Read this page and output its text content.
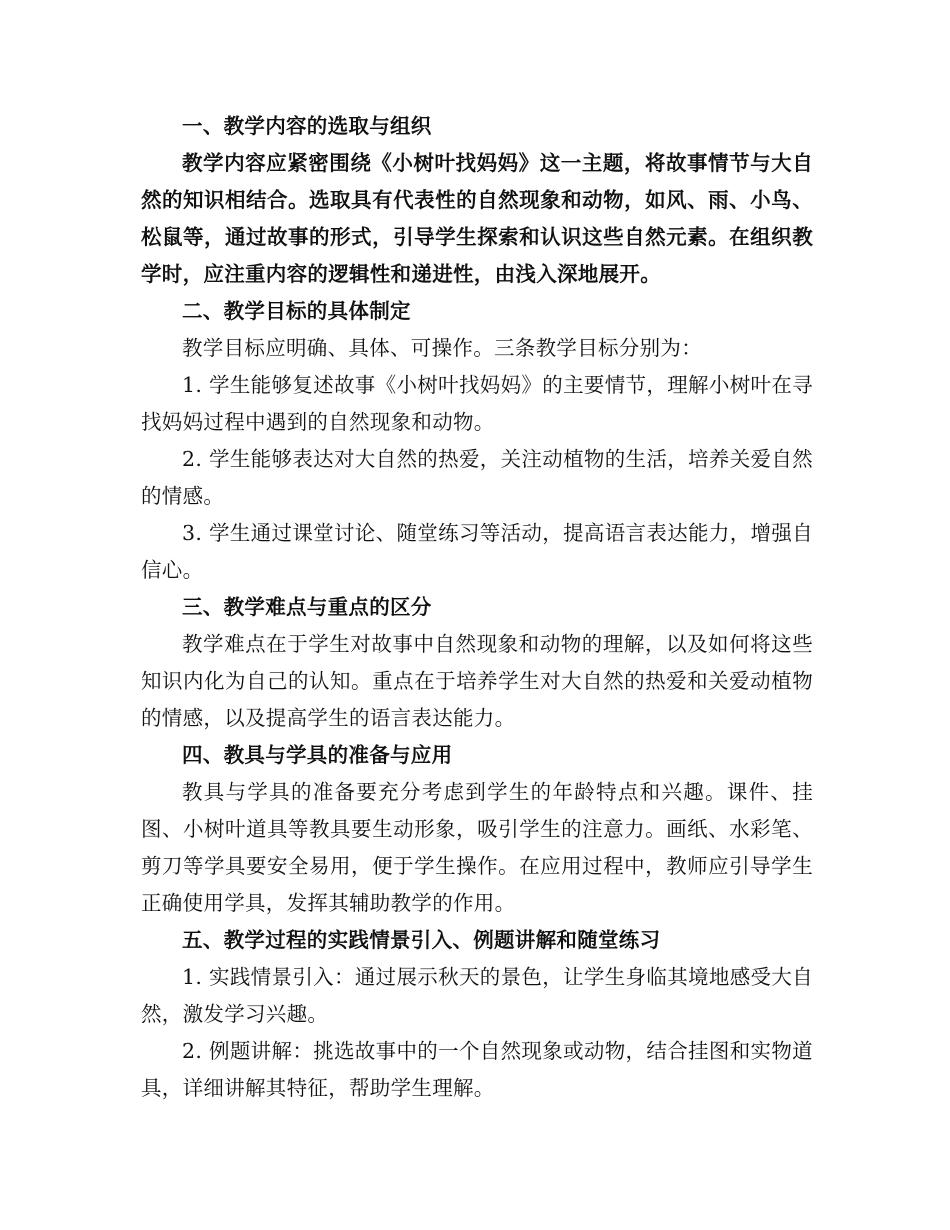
一、教学内容的选取与组织

教学内容应紧密围绕《小树叶找妈妈》这一主题，将故事情节与大自然的知识相结合。选取具有代表性的自然现象和动物，如风、雨、小鸟、松鼠等，通过故事的形式，引导学生探索和认识这些自然元素。在组织教学时，应注重内容的逻辑性和递进性，由浅入深地展开。

二、教学目标的具体制定

教学目标应明确、具体、可操作。三条教学目标分别为：

1. 学生能够复述故事《小树叶找妈妈》的主要情节，理解小树叶在寻找妈妈过程中遇到的自然现象和动物。

2. 学生能够表达对大自然的热爱，关注动植物的生活，培养关爱自然的情感。

3. 学生通过课堂讨论、随堂练习等活动，提高语言表达能力，增强自信心。

三、教学难点与重点的区分

教学难点在于学生对故事中自然现象和动物的理解，以及如何将这些知识内化为自己的认知。重点在于培养学生对大自然的热爱和关爱动植物的情感，以及提高学生的语言表达能力。

四、教具与学具的准备与应用

教具与学具的准备要充分考虑到学生的年龄特点和兴趣。课件、挂图、小树叶道具等教具要生动形象，吸引学生的注意力。画纸、水彩笔、剪刀等学具要安全易用，便于学生操作。在应用过程中，教师应引导学生正确使用学具，发挥其辅助教学的作用。

五、教学过程的实践情景引入、例题讲解和随堂练习

1. 实践情景引入：通过展示秋天的景色，让学生身临其境地感受大自然，激发学习兴趣。

2. 例题讲解：挑选故事中的一个自然现象或动物，结合挂图和实物道具，详细讲解其特征，帮助学生理解。
